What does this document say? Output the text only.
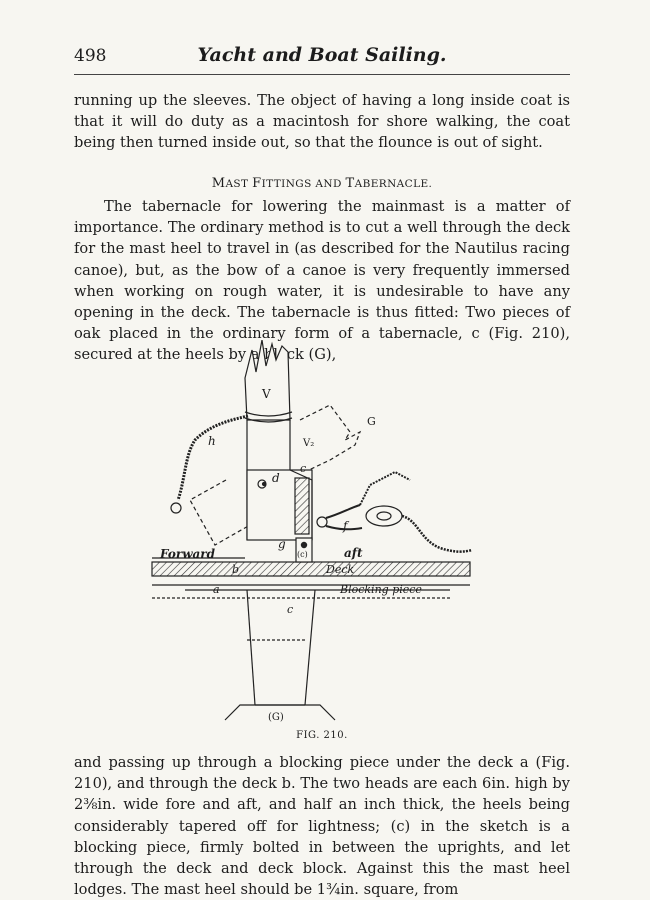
498	Yacht and Boat Sailing.

running up the sleeves. The object of having a long inside coat is that it will do duty as a macintosh for shore walking, the coat being then turned inside out, so that the flounce is out of sight.

MAST FITTINGS AND TABERNACLE.

The tabernacle for lowering the mainmast is a matter of importance. The ordinary method is to cut a well through the deck for the mast heel to travel in (as described for the Nautilus racing canoe), but, as the bow of a canoe is very frequently immersed when working on rough water, it is undesirable to have any opening in the deck. The tabernacle is thus fitted: Two pieces of oak placed in the ordinary form of a tabernacle, c (Fig. 210), secured at the heels by a block (G),

V
V₂
G
h
d
c
f
g
(c)
Forward	aft
b	Deck
a	Blocking piece
c
(G)
FIG. 210.

and passing up through a blocking piece under the deck a (Fig. 210), and through the deck b. The two heads are each 6in. high by 2⅜in. wide fore and aft, and half an inch thick, the heels being considerably tapered off for lightness; (c) in the sketch is a blocking piece, firmly bolted in between the uprights, and let through the deck and deck block. Against this the mast heel lodges. The mast heel should be 1¾in. square, from
